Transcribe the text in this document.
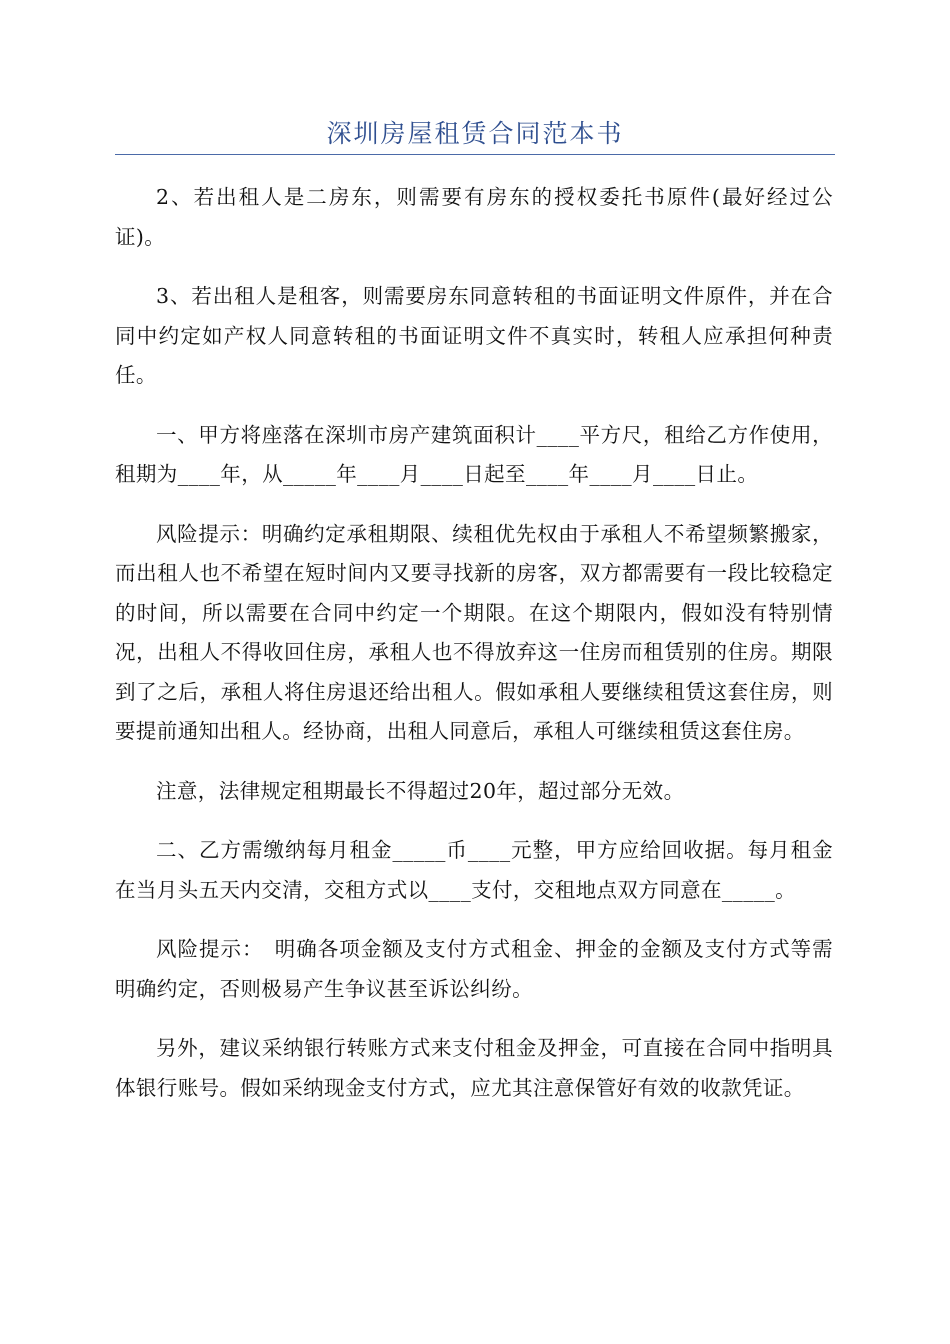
深圳房屋租赁合同范本书

2、若出租人是二房东，则需要有房东的授权委托书原件(最好经过公证)。

3、若出租人是租客，则需要房东同意转租的书面证明文件原件，并在合同中约定如产权人同意转租的书面证明文件不真实时，转租人应承担何种责任。

一、甲方将座落在深圳市房产建筑面积计____平方尺，租给乙方作使用，租期为____年，从_____年____月____日起至____年____月____日止。

风险提示：明确约定承租期限、续租优先权由于承租人不希望频繁搬家，而出租人也不希望在短时间内又要寻找新的房客，双方都需要有一段比较稳定的时间，所以需要在合同中约定一个期限。在这个期限内，假如没有特别情况，出租人不得收回住房，承租人也不得放弃这一住房而租赁别的住房。期限到了之后，承租人将住房退还给出租人。假如承租人要继续租赁这套住房，则要提前通知出租人。经协商，出租人同意后，承租人可继续租赁这套住房。

注意，法律规定租期最长不得超过20年，超过部分无效。

二、乙方需缴纳每月租金_____币____元整，甲方应给回收据。每月租金在当月头五天内交清，交租方式以____支付，交租地点双方同意在_____。

风险提示：　明确各项金额及支付方式租金、押金的金额及支付方式等需明确约定，否则极易产生争议甚至诉讼纠纷。

另外，建议采纳银行转账方式来支付租金及押金，可直接在合同中指明具体银行账号。假如采纳现金支付方式，应尤其注意保管好有效的收款凭证。
